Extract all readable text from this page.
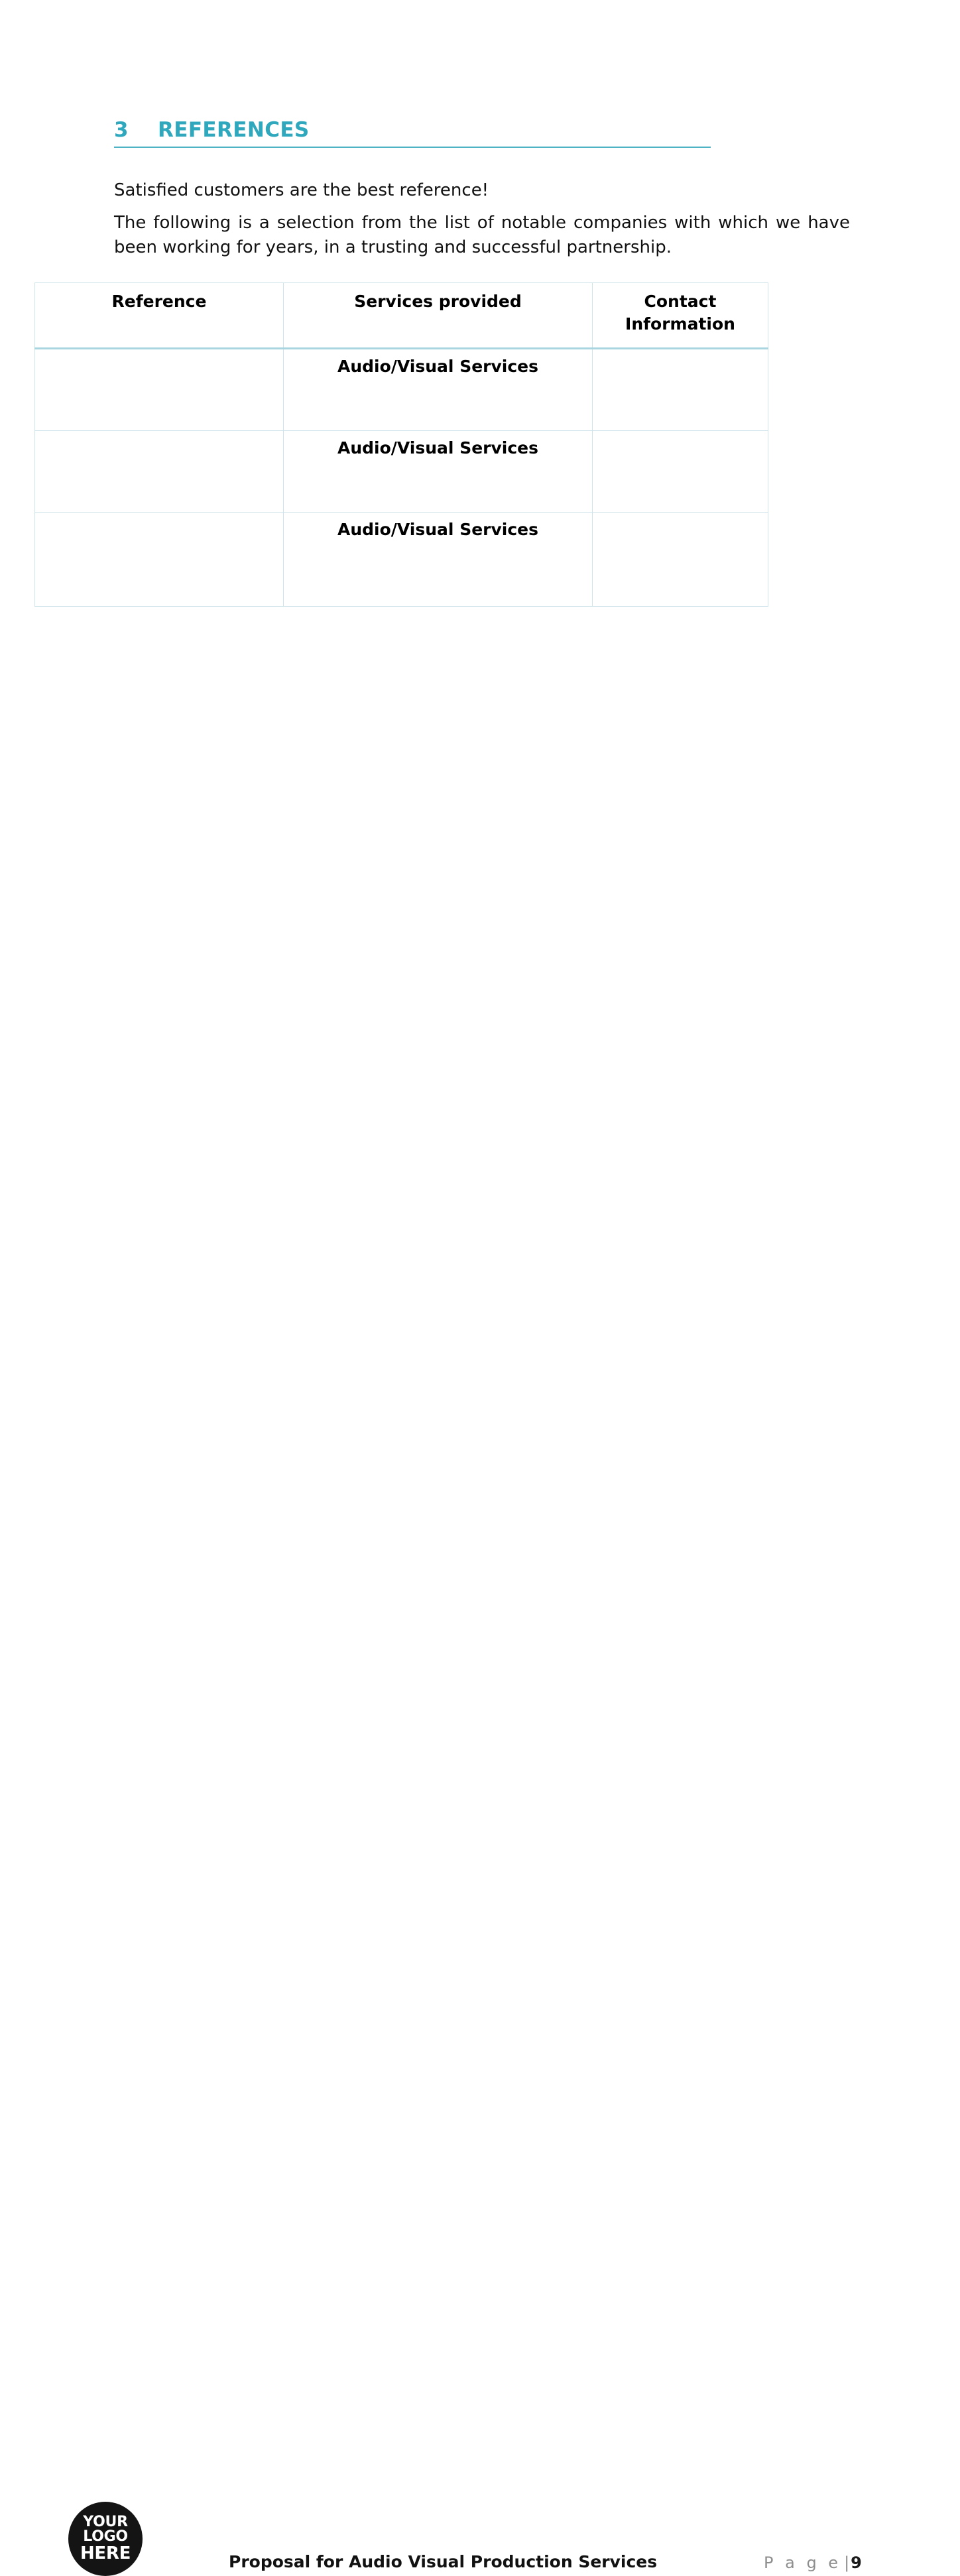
3	REFERENCES

Satisfied customers are the best reference!

The following is a selection from the list of notable companies with which we have been working for years, in a trusting and successful partnership.

Reference	Services provided	Contact Information
	Audio/Visual Services	
	Audio/Visual Services	
	Audio/Visual Services	
YOUR
LOGO
HERE	Proposal for Audio Visual Production Services	P a g e |9
